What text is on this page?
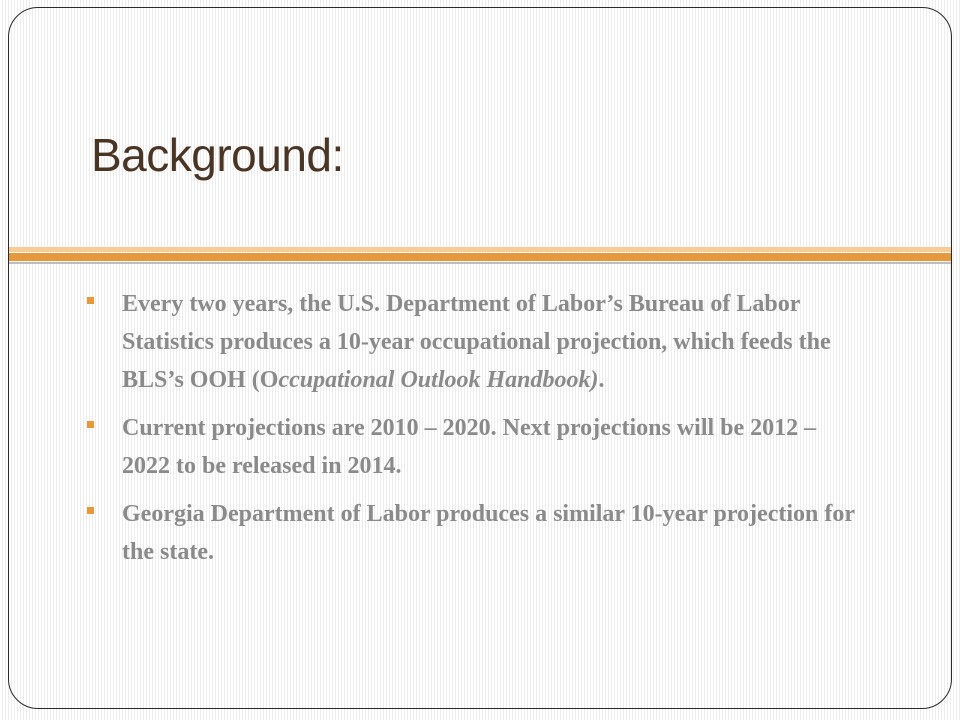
Background:
Every two years, the U.S. Department of Labor’s Bureau of Labor Statistics produces a 10-year occupational projection, which feeds the BLS’s OOH (Occupational Outlook Handbook).
Current projections are 2010 – 2020. Next projections will be 2012 – 2022 to be released in 2014.
Georgia Department of Labor produces a similar 10-year projection for the state.
